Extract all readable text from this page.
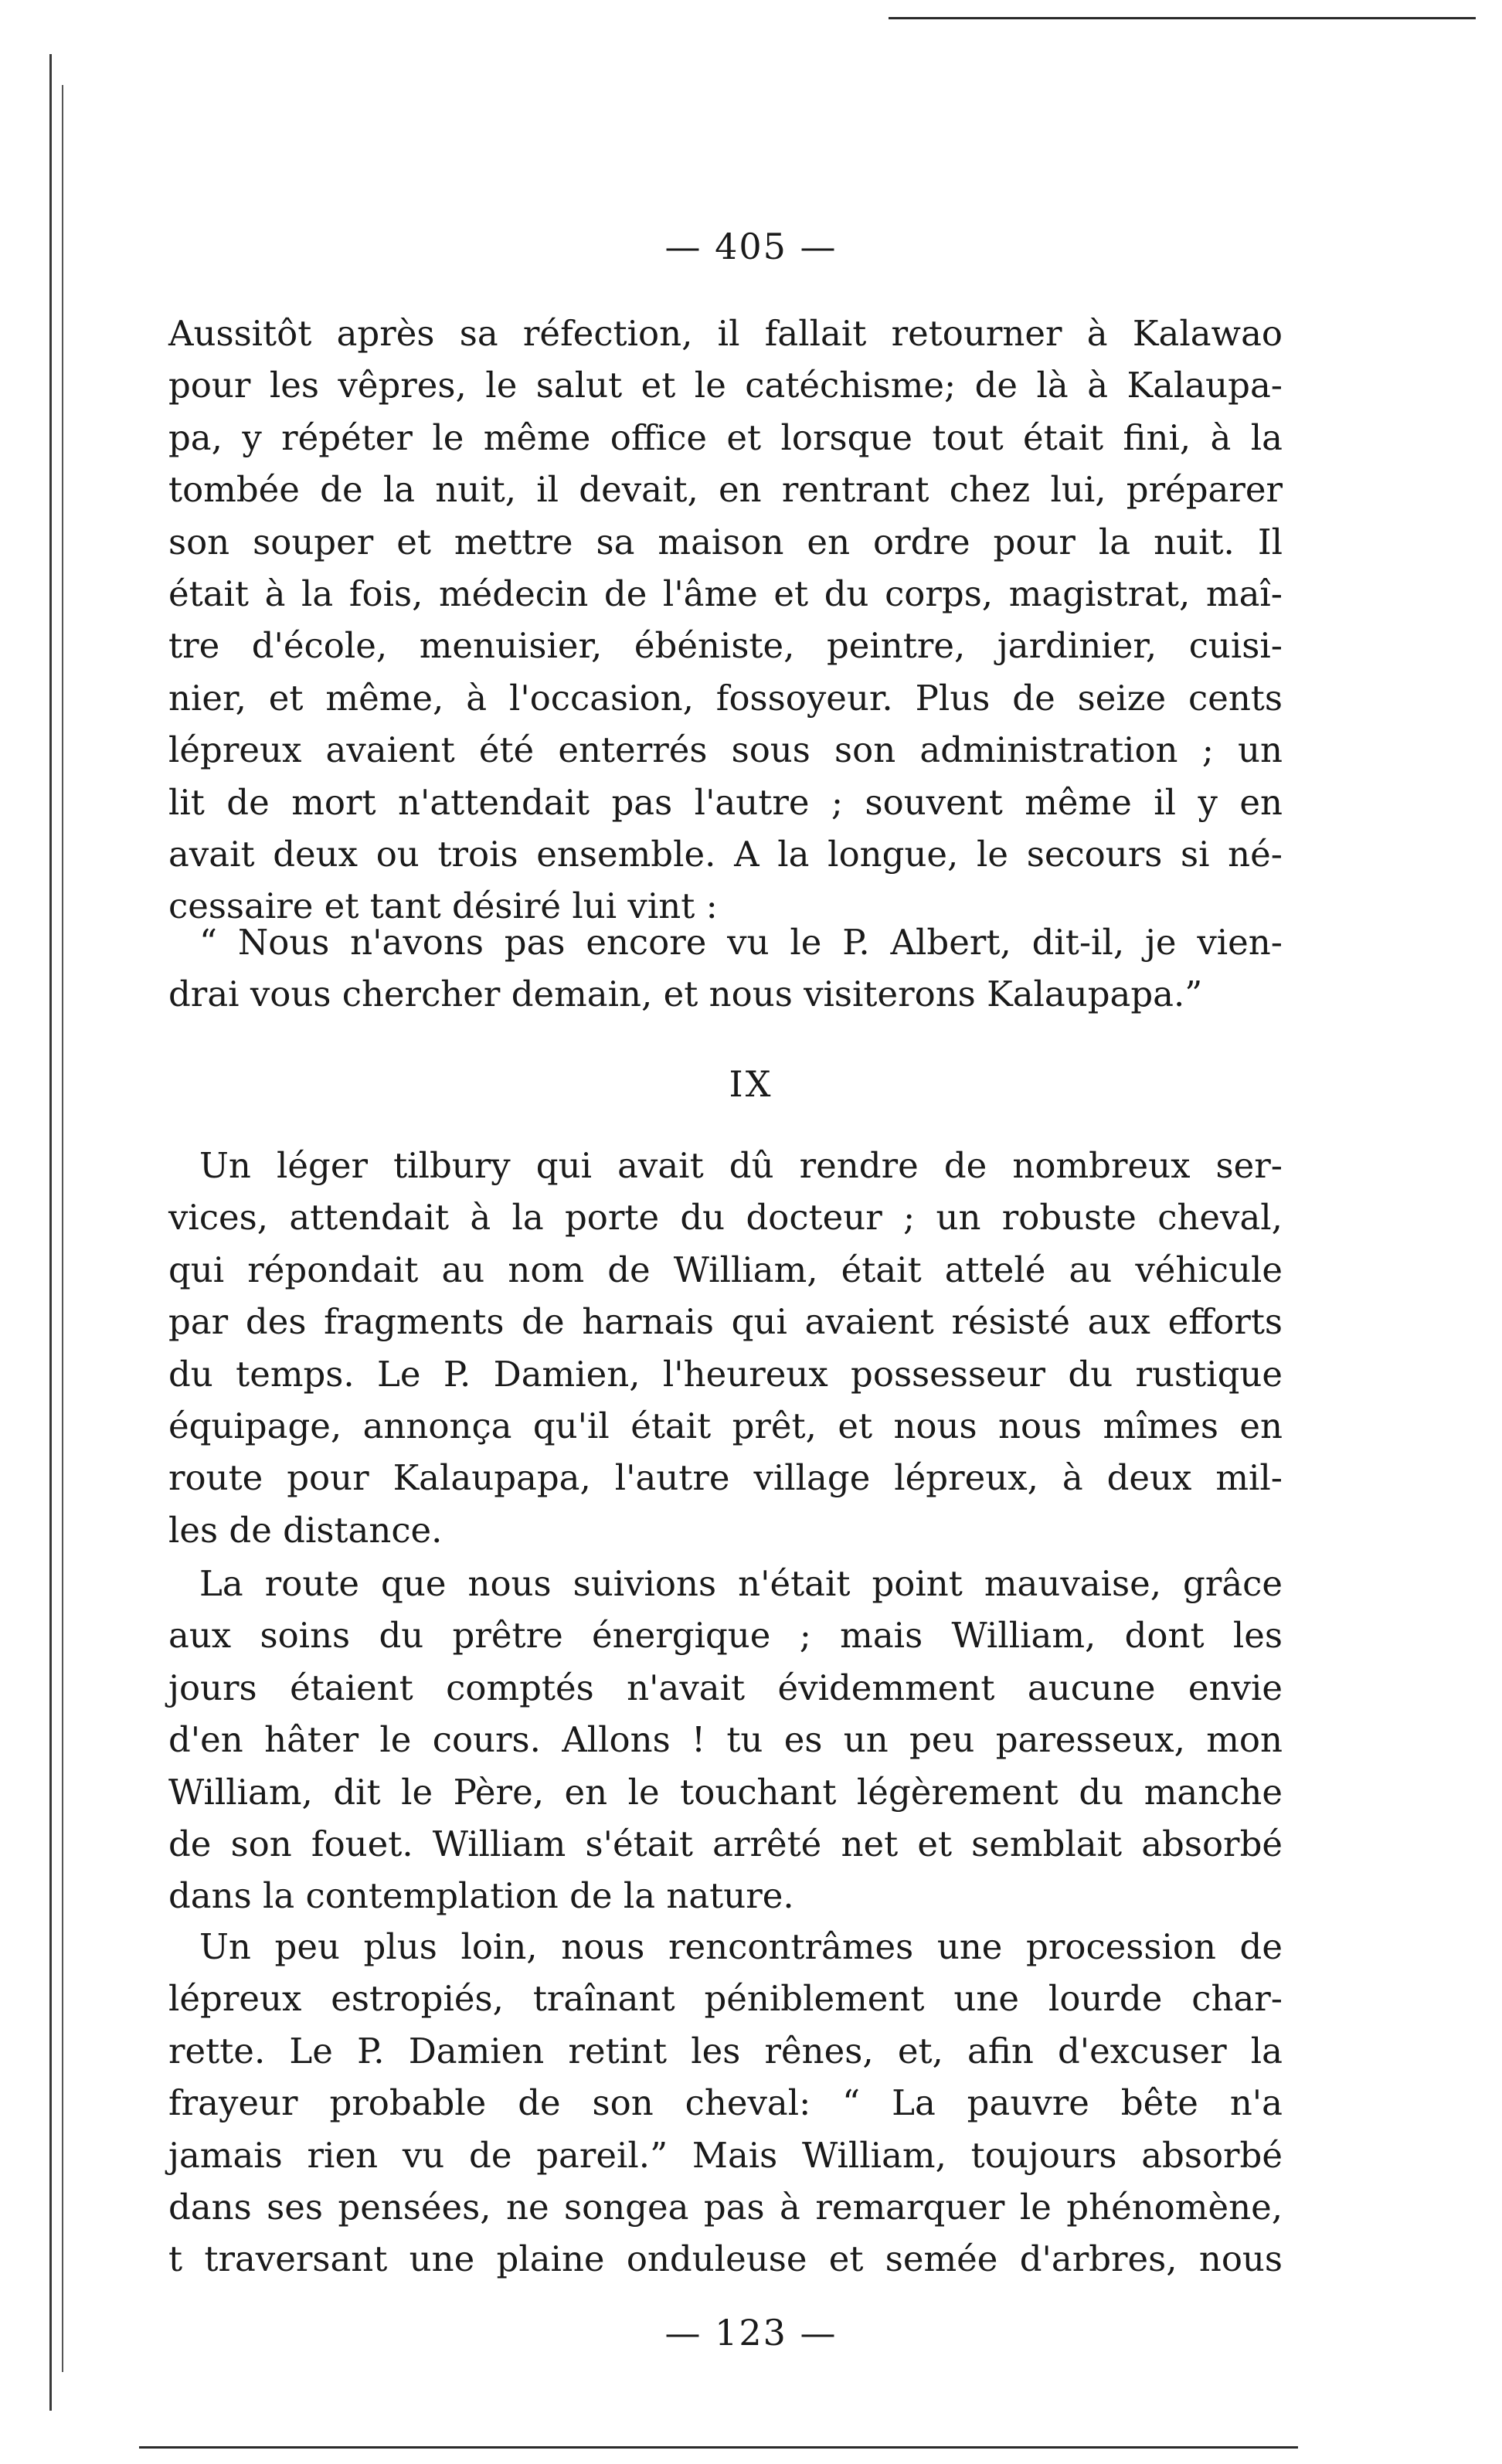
— 405 —
Aussitôt après sa réfection, il fallait retourner à Kalawao
pour les vêpres, le salut et le catéchisme; de là à Kalaupa-
pa, y répéter le même office et lorsque tout était fini, à la
tombée de la nuit, il devait, en rentrant chez lui, préparer
son souper et mettre sa maison en ordre pour la nuit. Il
était à la fois, médecin de l'âme et du corps, magistrat, maî-
tre d'école, menuisier, ébéniste, peintre, jardinier, cuisi-
nier, et même, à l'occasion, fossoyeur. Plus de seize cents
lépreux avaient été enterrés sous son administration ; un
lit de mort n'attendait pas l'autre ; souvent même il y en
avait deux ou trois ensemble. A la longue, le secours si né-
cessaire et tant désiré lui vint :
“ Nous n'avons pas encore vu le P. Albert, dit-il, je vien-
drai vous chercher demain, et nous visiterons Kalaupapa.”
IX
Un léger tilbury qui avait dû rendre de nombreux ser-
vices, attendait à la porte du docteur ; un robuste cheval,
qui répondait au nom de William, était attelé au véhicule
par des fragments de harnais qui avaient résisté aux efforts
du temps. Le P. Damien, l'heureux possesseur du rustique
équipage, annonça qu'il était prêt, et nous nous mîmes en
route pour Kalaupapa, l'autre village lépreux, à deux mil-
les de distance.
La route que nous suivions n'était point mauvaise, grâce
aux soins du prêtre énergique ; mais William, dont les
jours étaient comptés n'avait évidemment aucune envie
d'en hâter le cours. Allons ! tu es un peu paresseux, mon
William, dit le Père, en le touchant légèrement du manche
de son fouet. William s'était arrêté net et semblait absorbé
dans la contemplation de la nature.
Un peu plus loin, nous rencontrâmes une procession de
lépreux estropiés, traînant péniblement une lourde char-
rette. Le P. Damien retint les rênes, et, afin d'excuser la
frayeur probable de son cheval: “ La pauvre bête n'a
jamais rien vu de pareil.” Mais William, toujours absorbé
dans ses pensées, ne songea pas à remarquer le phénomène,
t traversant une plaine onduleuse et semée d'arbres, nous
— 123 —
